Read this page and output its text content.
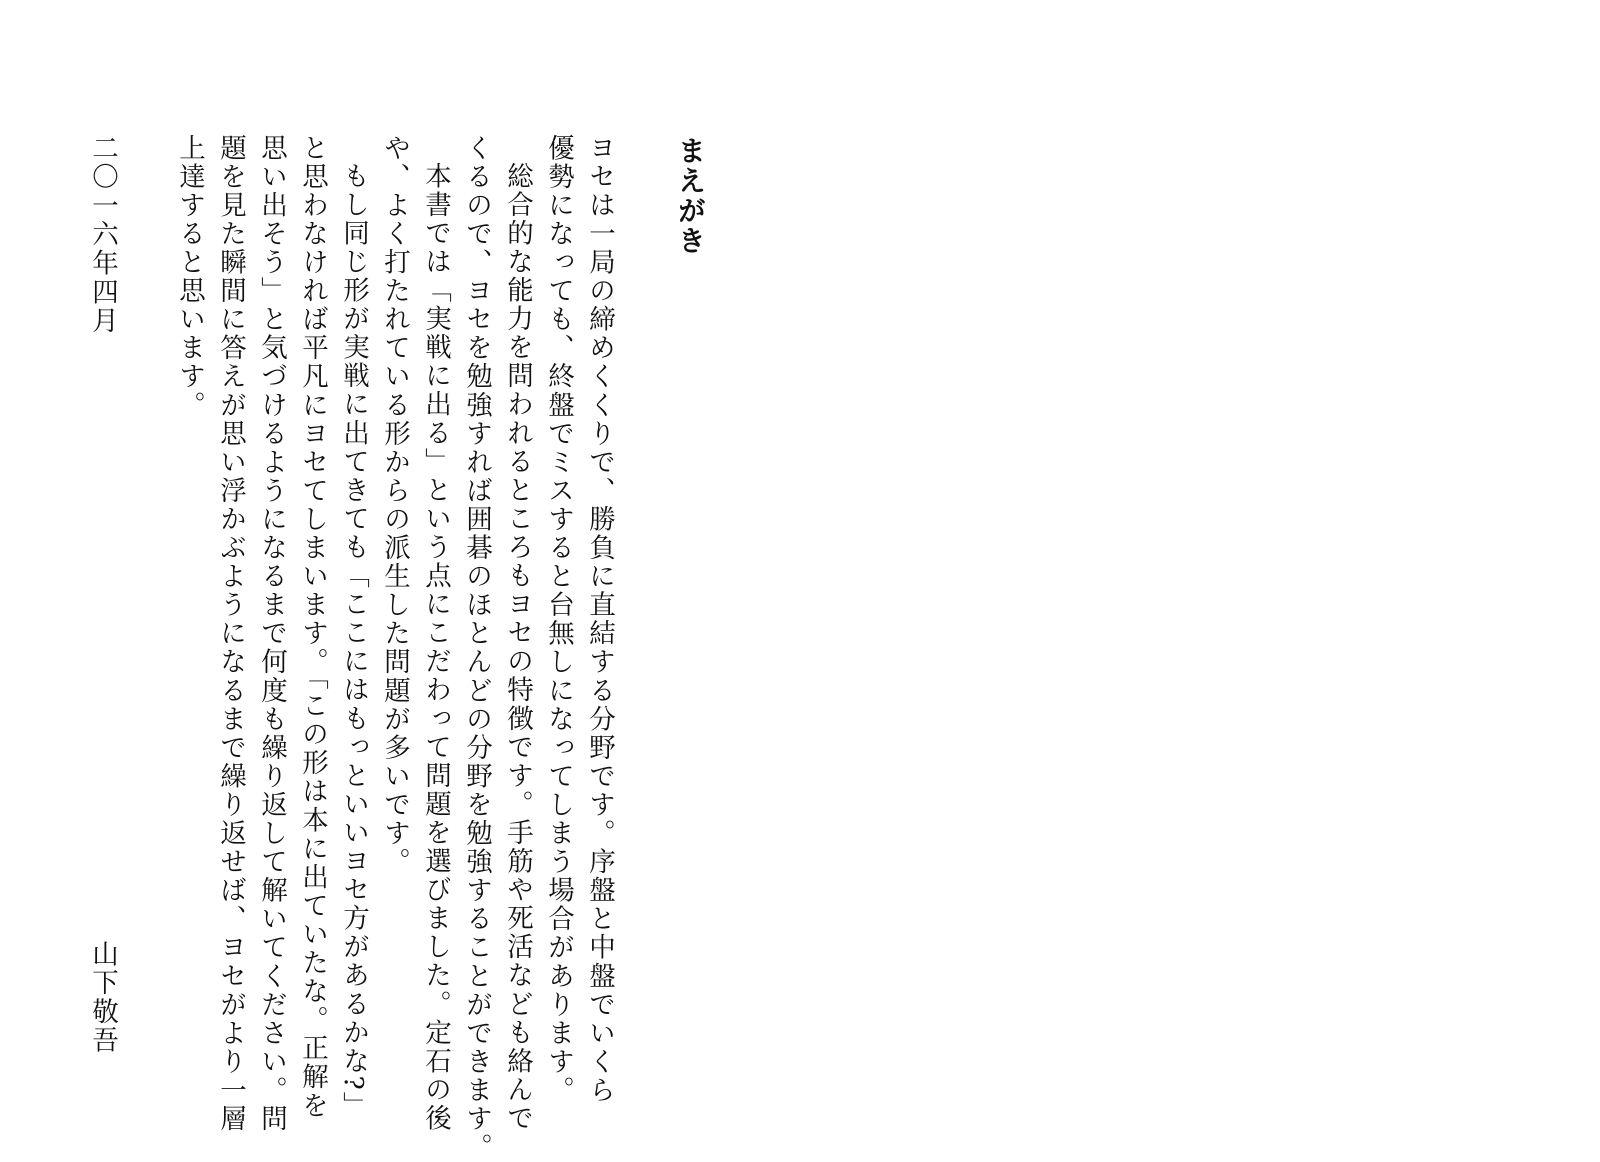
まえがき
ヨセは一局の締めくくりで、勝負に直結する分野です。序盤と中盤でいくら
優勢になっても、終盤でミスすると台無しになってしまう場合があります。
総合的な能力を問われるところもヨセの特徴です。手筋や死活なども絡んで
くるので、ヨセを勉強すれば囲碁のほとんどの分野を勉強することができます。
本書では「実戦に出る」という点にこだわって問題を選びました。定石の後
や、よく打たれている形からの派生した問題が多いです。
もし同じ形が実戦に出てきても「ここにはもっといいヨセ方があるかな?」
と思わなければ平凡にヨセてしまいます。「この形は本に出ていたな。正解を
思い出そう」と気づけるようになるまで何度も繰り返して解いてください。問
題を見た瞬間に答えが思い浮かぶようになるまで繰り返せば、ヨセがより一層
上達すると思います。
二〇一六年四月
山下敬吾
